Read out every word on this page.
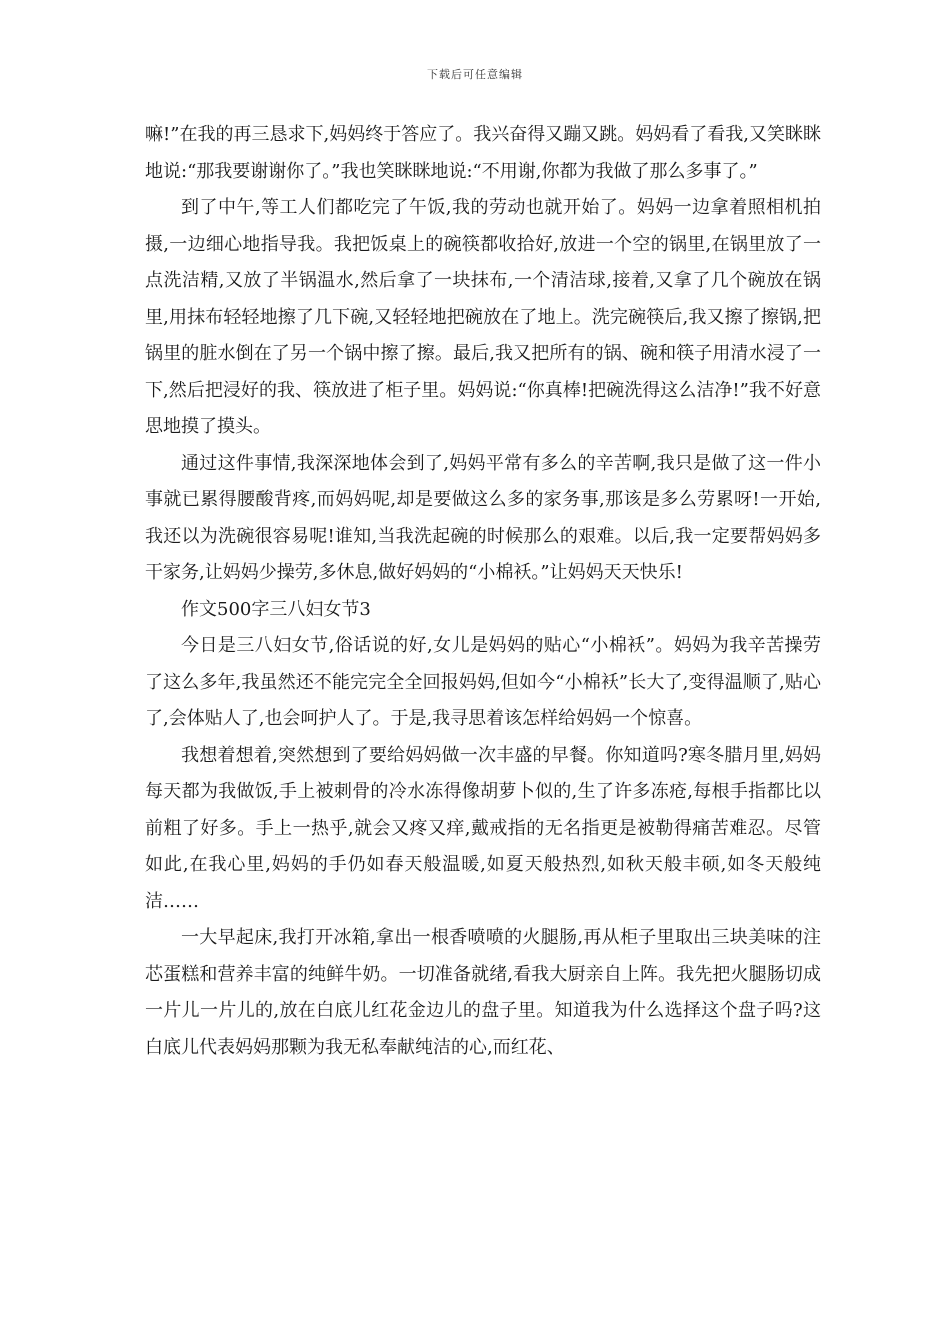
下载后可任意编辑

嘛!”在我的再三恳求下,妈妈终于答应了。我兴奋得又蹦又跳。妈妈看了看我,又笑眯眯地说:“那我要谢谢你了。”我也笑眯眯地说:“不用谢,你都为我做了那么多事了。”

到了中午,等工人们都吃完了午饭,我的劳动也就开始了。妈妈一边拿着照相机拍摄,一边细心地指导我。我把饭桌上的碗筷都收拾好,放进一个空的锅里,在锅里放了一点洗洁精,又放了半锅温水,然后拿了一块抹布,一个清洁球,接着,又拿了几个碗放在锅里,用抹布轻轻地擦了几下碗,又轻轻地把碗放在了地上。洗完碗筷后,我又擦了擦锅,把锅里的脏水倒在了另一个锅中擦了擦。最后,我又把所有的锅、碗和筷子用清水浸了一下,然后把浸好的我、筷放进了柜子里。妈妈说:“你真棒!把碗洗得这么洁净!”我不好意思地摸了摸头。

通过这件事情,我深深地体会到了,妈妈平常有多么的辛苦啊,我只是做了这一件小事就已累得腰酸背疼,而妈妈呢,却是要做这么多的家务事,那该是多么劳累呀!一开始,我还以为洗碗很容易呢!谁知,当我洗起碗的时候那么的艰难。以后,我一定要帮妈妈多干家务,让妈妈少操劳,多休息,做好妈妈的“小棉袄。”让妈妈天天快乐!

作文500字三八妇女节3

今日是三八妇女节,俗话说的好,女儿是妈妈的贴心“小棉袄”。妈妈为我辛苦操劳了这么多年,我虽然还不能完完全全回报妈妈,但如今“小棉袄”长大了,变得温顺了,贴心了,会体贴人了,也会呵护人了。于是,我寻思着该怎样给妈妈一个惊喜。

我想着想着,突然想到了要给妈妈做一次丰盛的早餐。你知道吗?寒冬腊月里,妈妈每天都为我做饭,手上被刺骨的冷水冻得像胡萝卜似的,生了许多冻疮,每根手指都比以前粗了好多。手上一热乎,就会又疼又痒,戴戒指的无名指更是被勒得痛苦难忍。尽管如此,在我心里,妈妈的手仍如春天般温暖,如夏天般热烈,如秋天般丰硕,如冬天般纯洁……

一大早起床,我打开冰箱,拿出一根香喷喷的火腿肠,再从柜子里取出三块美味的注芯蛋糕和营养丰富的纯鲜牛奶。一切准备就绪,看我大厨亲自上阵。我先把火腿肠切成一片儿一片儿的,放在白底儿红花金边儿的盘子里。知道我为什么选择这个盘子吗?这白底儿代表妈妈那颗为我无私奉献纯洁的心,而红花、
